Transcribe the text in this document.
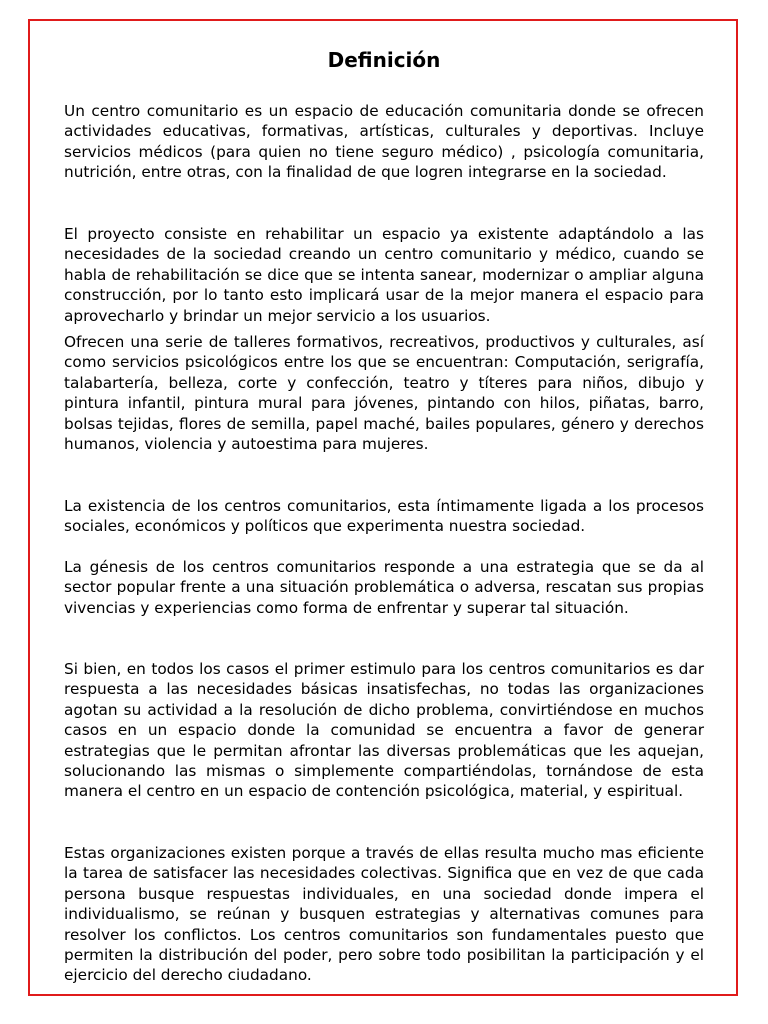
Definición

Un centro comunitario es un espacio de educación comunitaria donde se ofrecen actividades educativas, formativas, artísticas, culturales y deportivas. Incluye servicios médicos (para quien no tiene seguro médico) , psicología comunitaria, nutrición, entre otras, con la finalidad de que logren integrarse en la sociedad.

El proyecto consiste en rehabilitar un espacio ya existente adaptándolo a las necesidades de la sociedad creando un centro comunitario y médico, cuando se habla de rehabilitación se dice que se intenta sanear, modernizar o ampliar alguna construcción, por lo tanto esto implicará usar de la mejor manera el espacio para aprovecharlo y brindar un mejor servicio a los usuarios.

Ofrecen una serie de talleres formativos, recreativos, productivos y culturales, así como servicios psicológicos entre los que se encuentran: Computación, serigrafía, talabartería, belleza, corte y confección, teatro y títeres para niños, dibujo y pintura infantil, pintura mural para jóvenes, pintando con hilos, piñatas, barro, bolsas tejidas, flores de semilla, papel maché, bailes populares, género y derechos humanos, violencia y autoestima para mujeres.

La existencia de los centros comunitarios, esta íntimamente ligada a los procesos sociales, económicos y políticos que experimenta nuestra sociedad.

La génesis de los centros comunitarios responde a una estrategia que se da al sector popular frente a una situación problemática o adversa, rescatan sus propias vivencias y experiencias como forma de enfrentar y superar tal situación.

Si bien, en todos los casos el primer estimulo para los centros comunitarios es dar respuesta a las necesidades básicas insatisfechas, no todas las organizaciones agotan su actividad a la resolución de dicho problema, convirtiéndose en muchos casos en un espacio donde la comunidad se encuentra a favor de generar estrategias que le permitan afrontar las diversas problemáticas que les aquejan, solucionando las mismas o simplemente compartiéndolas, tornándose de esta manera el centro en un espacio de contención psicológica, material, y espiritual.

Estas organizaciones existen porque a través de ellas resulta mucho mas eficiente la tarea de satisfacer las necesidades colectivas. Significa que en vez de que cada persona busque respuestas individuales, en una sociedad donde impera el individualismo, se reúnan y busquen estrategias y alternativas comunes para resolver los conflictos. Los centros comunitarios son fundamentales puesto que permiten la distribución del poder, pero sobre todo posibilitan la participación y el ejercicio del derecho ciudadano.
